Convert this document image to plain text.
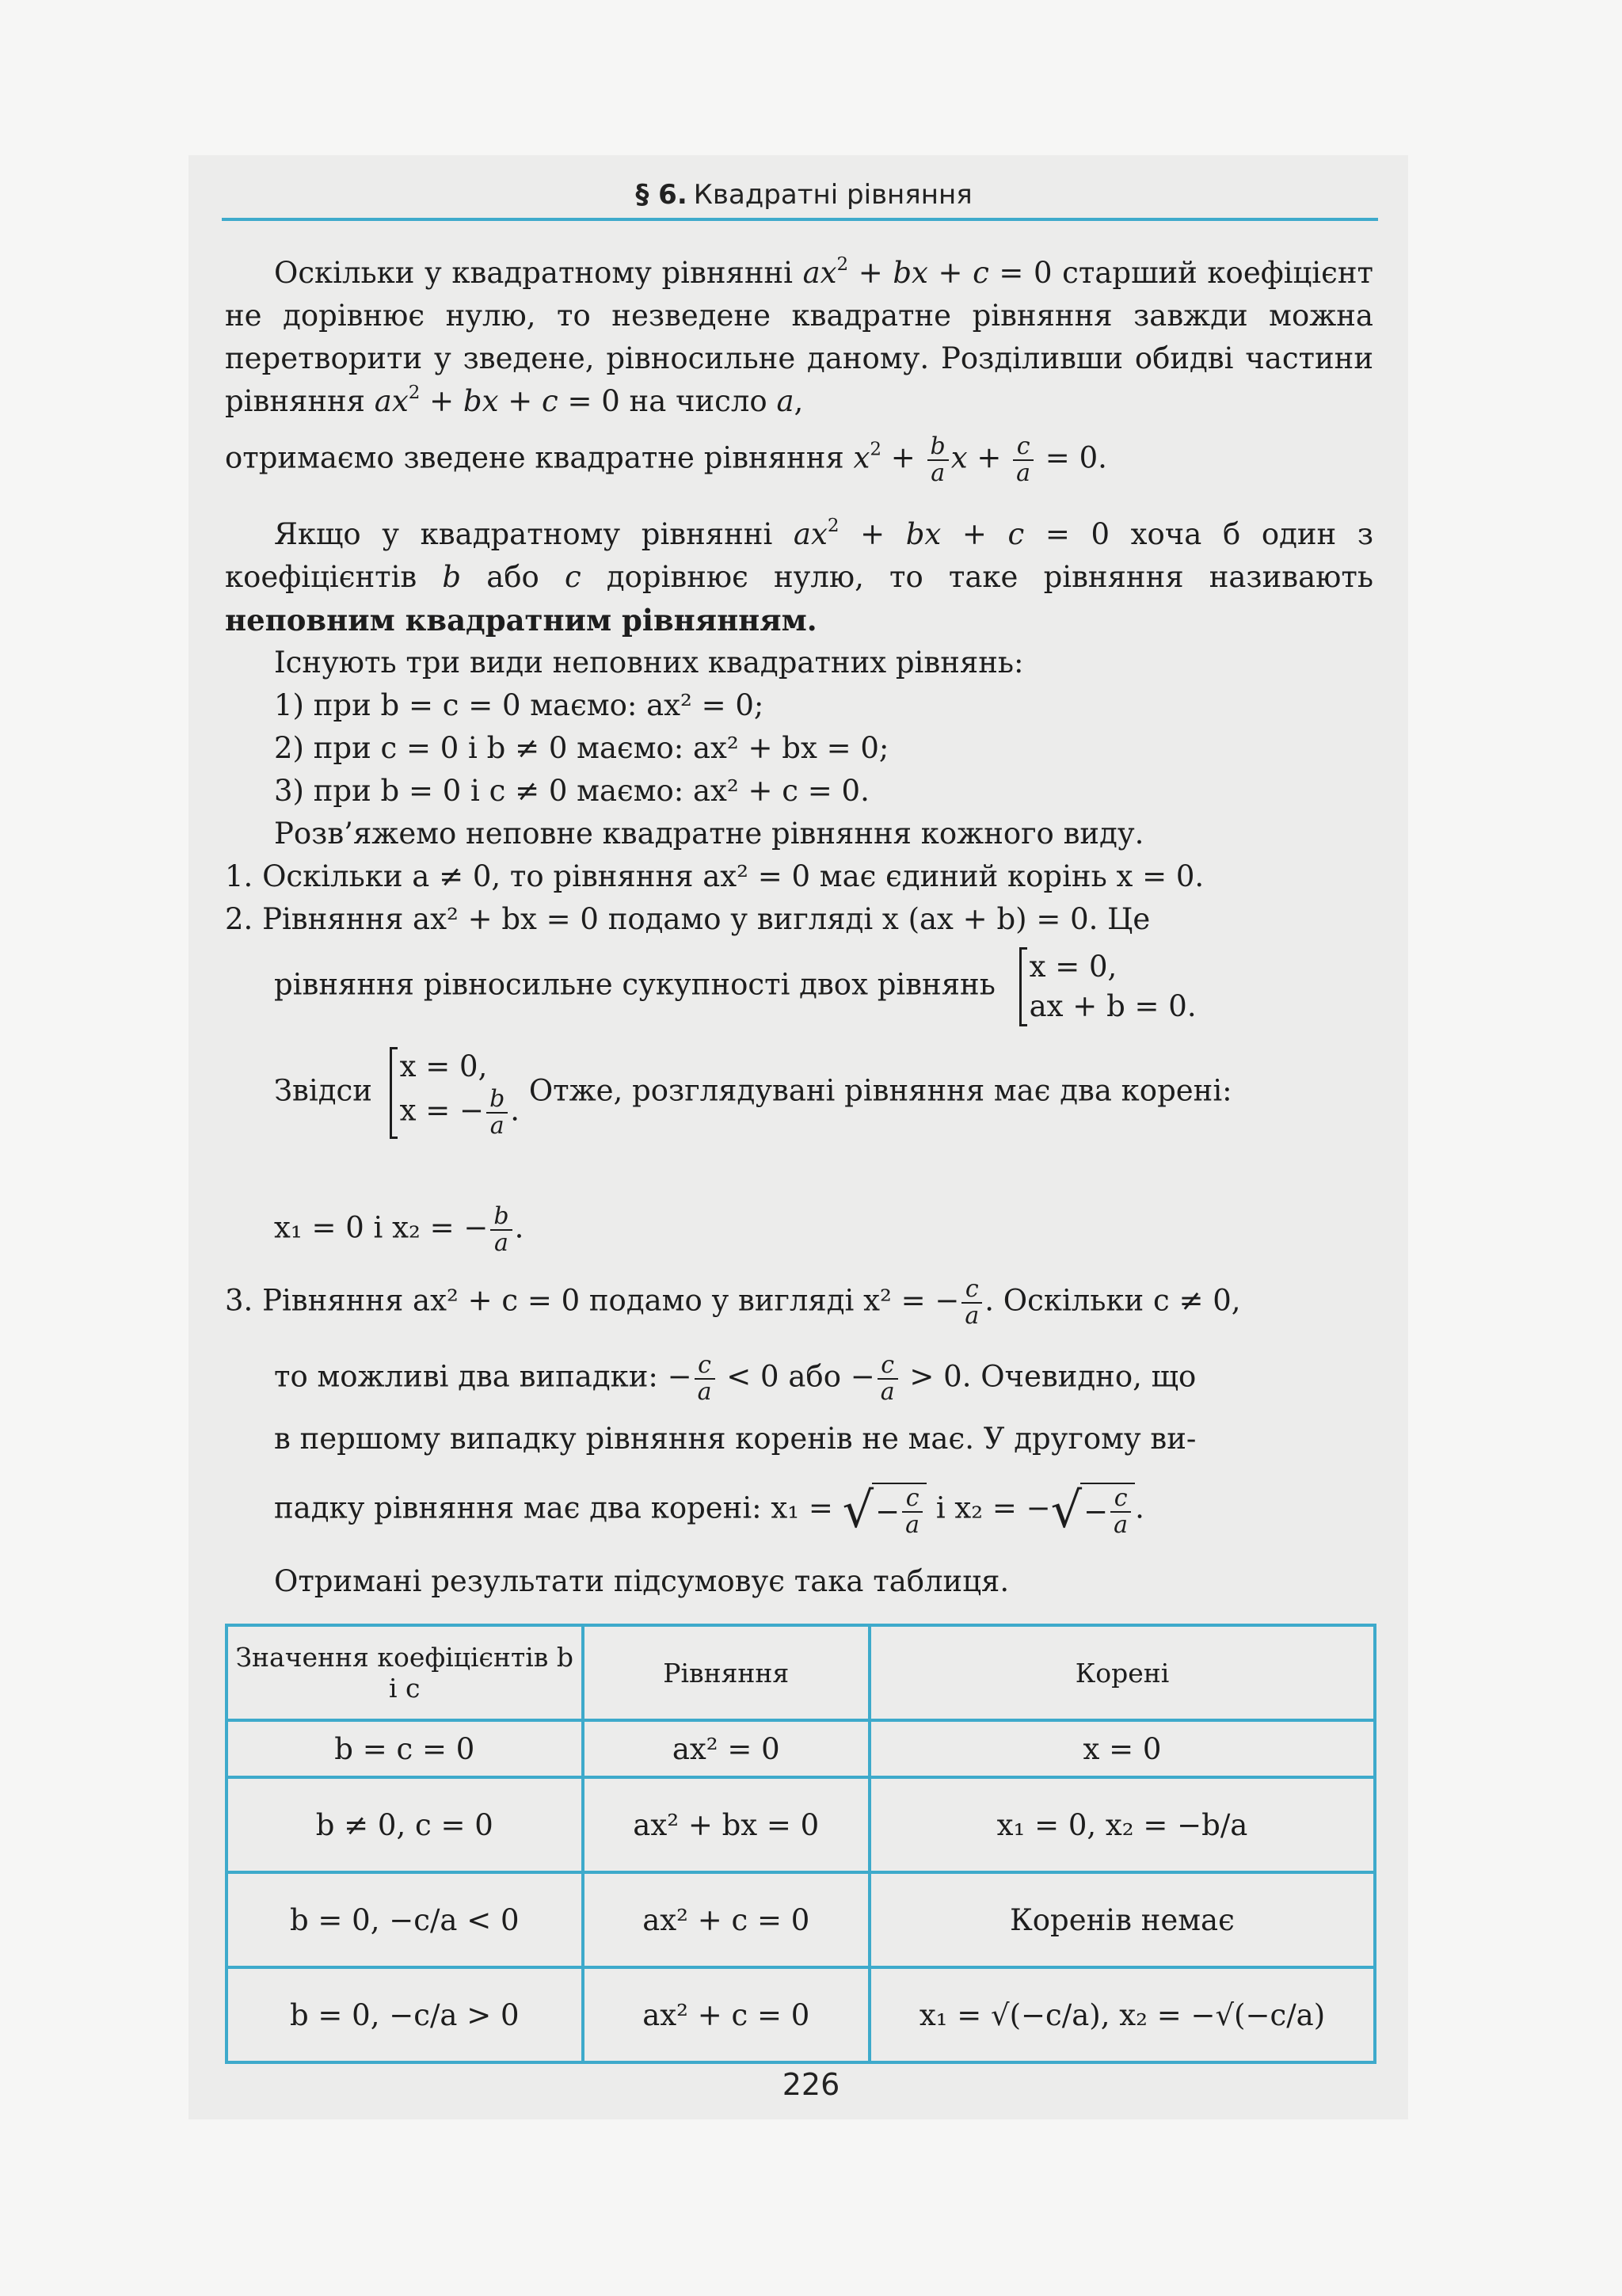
§ 6. Квадратні рівняння
Оскільки у квадратному рівнянні $ax^2$ + bx + c = 0 старший коефіцієнт не дорівнює нулю, то незведене квадратне рівняння завжди можна перетворити у зведене, рівносильне даному. Розділивши обидві частини рівняння $ax^2$ + bx + c = 0 на число a,
отримаємо зведене квадратне рівняння $x^2 + \frac{b}{a}$ $x + \frac{c}{a} = 0$.
Якщо у квадратному рівнянні $ax^2$ + bx + c = 0 хоча б один з коефіцієнтів b або c дорівнює нулю, то таке рівняння називають неповним квадратним рівнянням.
Існують три види неповних квадратних рівнянь:
1) при b = c = 0 маємо: ax² = 0;
2) при c = 0 і b ≠ 0 маємо: ax² + bx = 0;
3) при b = 0 і c ≠ 0 маємо: ax² + c = 0.
Розв’яжемо неповне квадратне рівняння кожного виду.
1. Оскільки a ≠ 0, то рівняння ax² = 0 має єдиний корінь x = 0.
2. Рівняння ax² + bx = 0 подамо у вигляді x (ax + b) = 0. Це
рівняння рівносильне сукупності двох рівнянь
x = 0,
ax + b = 0.
Звідси
x = 0,
x = − $\frac{b}{a}$ .
Отже, розглядувані рівняння має два корені:
x₁ = 0 і x₂ = − $\frac{b}{a}$ .
3. Рівняння ax² + c = 0 подамо у вигляді x² = − $\frac{c}{a}$ . Оскільки c ≠ 0,
то можливі два випадки: − $\frac{c}{a} < 0$ або − $\frac{c}{a} > 0$. Очевидно, що
в першому випадку рівняння коренів не має. У другому ви-
падку рівняння має два корені: x₁ = √ − $\frac{c}{a}$ і x₂ = − √ − $\frac{c}{a}$ .
Отримані результати підсумовує така таблиця.
Значення коефіцієнтів b і c	Рівняння	Корені
b = c = 0	ax² = 0	x = 0
b ≠ 0, c = 0	ax² + bx = 0	x₁ = 0, x₂ = −b/a
b = 0, −c/a < 0	ax² + c = 0	Коренів немає
b = 0, −c/a > 0	ax² + c = 0	x₁ = √(−c/a), x₂ = −√(−c/a)
226
